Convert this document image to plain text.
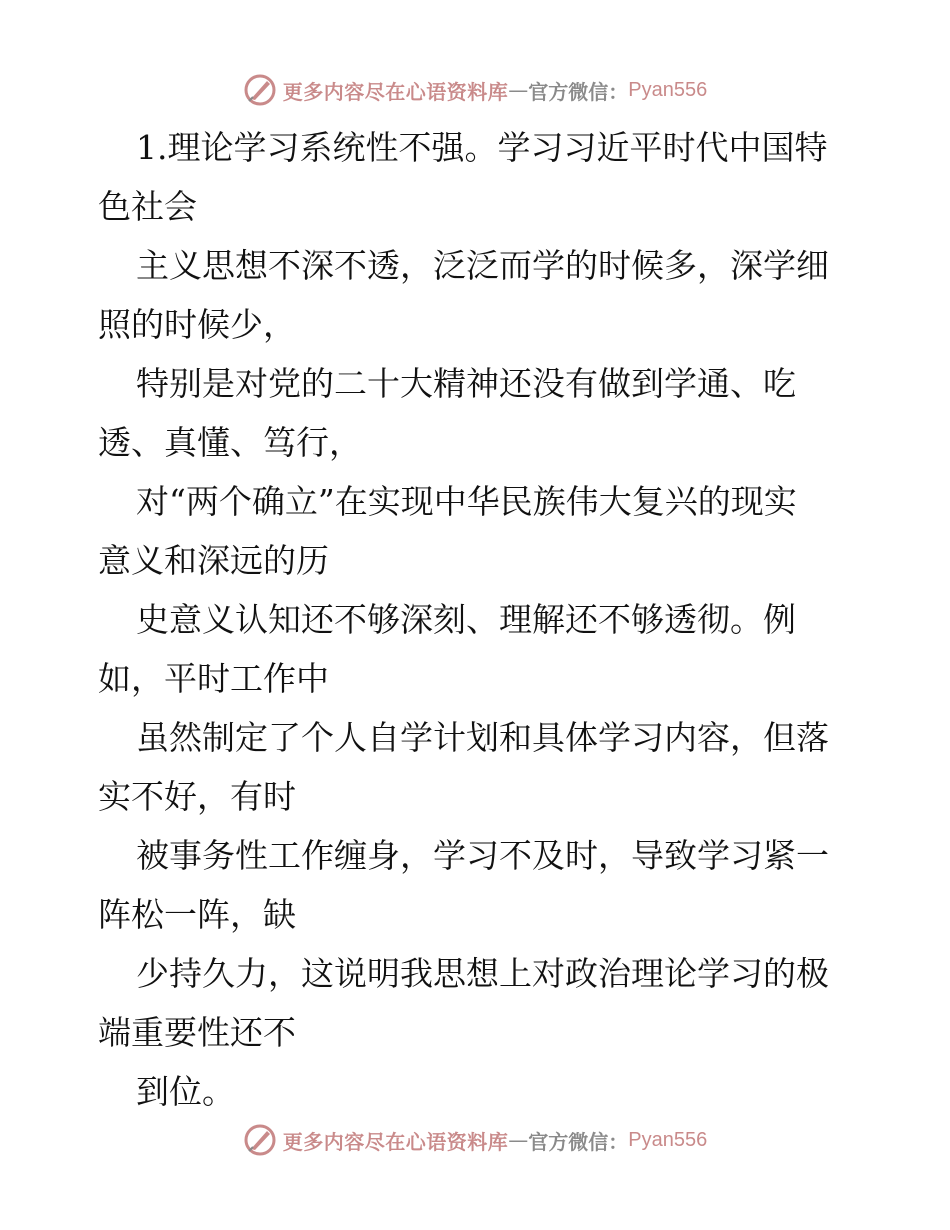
更多内容尽在心语资料库 — 官方微信： Pyan556

1.理论学习系统性不强。学习习近平时代中国特
色社会

主义思想不深不透，泛泛而学的时候多，深学细
照的时候少，

特别是对党的二十大精神还没有做到学通、吃
透、真懂、笃行，

对“两个确立”在实现中华民族伟大复兴的现实
意义和深远的历

史意义认知还不够深刻、理解还不够透彻。例
如，平时工作中

虽然制定了个人自学计划和具体学习内容，但落
实不好，有时

被事务性工作缠身，学习不及时，导致学习紧一
阵松一阵，缺

少持久力，这说明我思想上对政治理论学习的极
端重要性还不

到位。

更多内容尽在心语资料库 — 官方微信： Pyan556
